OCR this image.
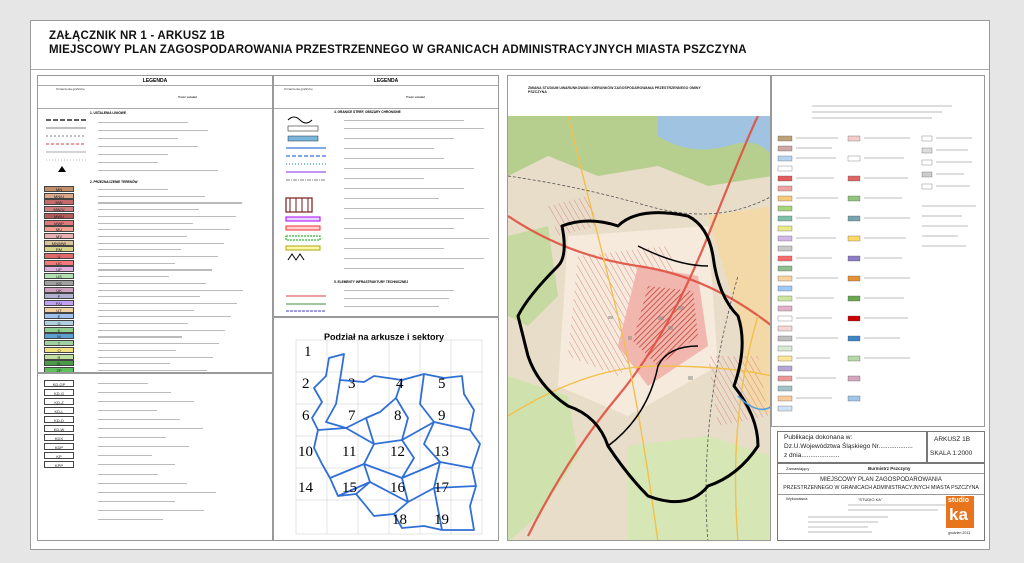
ZAŁĄCZNIK NR 1 - ARKUSZ 1B
MIEJSCOWY PLAN ZAGOSPODAROWANIA PRZESTRZENNEGO W GRANICACH ADMINISTRACYJNYCH MIASTA PSZCZYNA
LEGENDA
Oznaczenia graficzne
Treść ustaleń
1. USTALENIA LINIOWE
2. PRZEZNACZENIE TERENÓW
MN
MN/U
MW
MW/U
MWU
MWP
MU
MV
MN/MW
RM
U
UC
UP
US
KS
UK
P
P/U
UT
E
G
K
W
T
O
R
ZL
ZP
KD-GP
KD-G
KD-Z
KD-L
KD-D
KD-W
KDX
KDP
KP
KPP
LEGENDA
Oznaczenia graficzne
Treść ustaleń
4. GRANICE STREF, OBSZARY CHRONIONE
5. ELEMENTY INFRASTRUKTURY TECHNICZNEJ
Podział na arkusze i sektory
1
2	3	4 5
6	7	8 9
10 11 12 13
14 15 16 17
18 19
ZMIANA STUDIUM UWARUNKOWAŃ I KIERUNKÓW ZAGOSPODAROWANIA PRZESTRZENNEGO GMINY PSZCZYNA
Publikacja dokonana w:
Dz.U.Województwa Śląskiego Nr...................
z dnia.....................
ARKUSZ 1B
SKALA 1:2000
Zamawiający	Burmistrz Pszczyny
MIEJSCOWY PLAN ZAGOSPODAROWANIA
PRZESTRZENNEGO W GRANICACH ADMINISTRACYJNYCH MIASTA PSZCZYNA
Wykonawca	"STUDIO KA"	studio
ka
grudzień 2013
